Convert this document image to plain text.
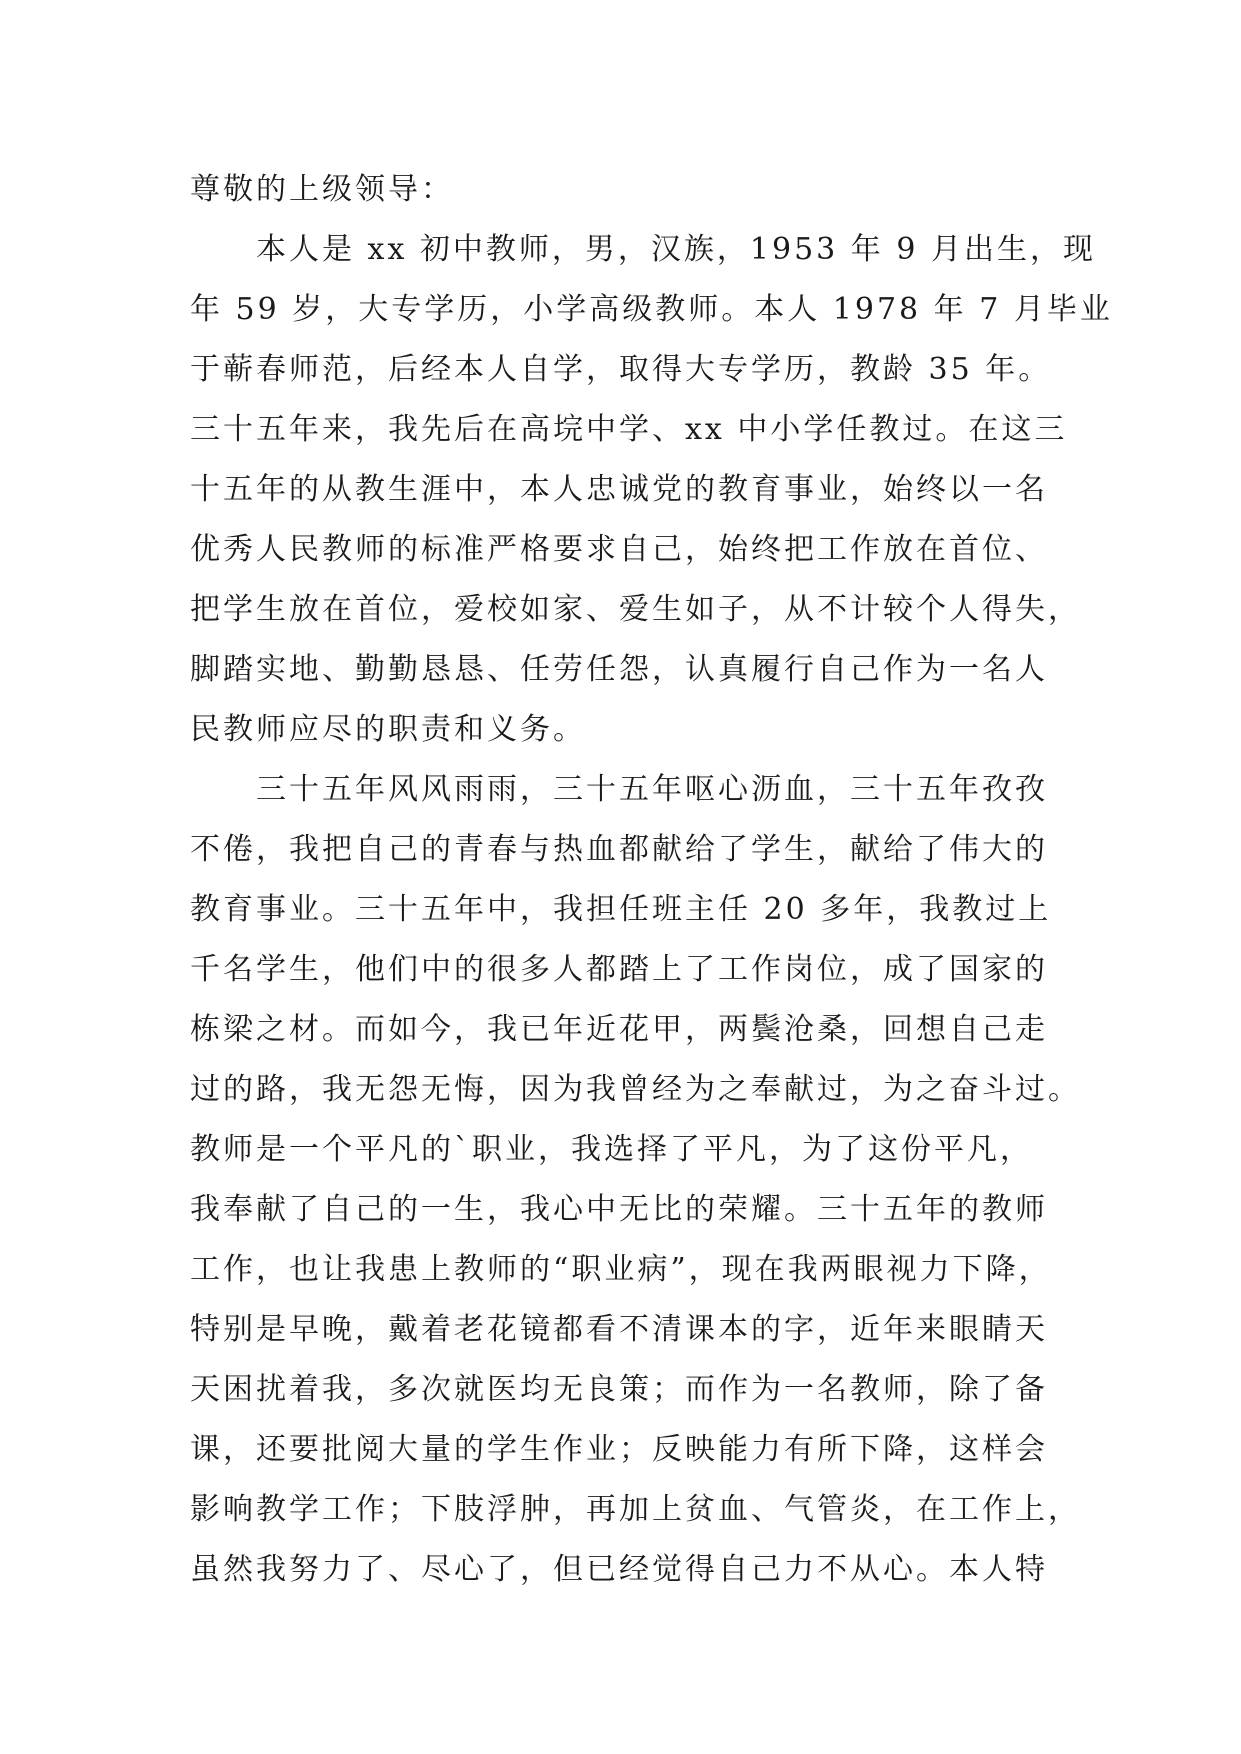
尊敬的上级领导：
本人是 xx 初中教师，男，汉族，1953 年 9 月出生，现
年 59 岁，大专学历，小学高级教师。本人 1978 年 7 月毕业
于蕲春师范，后经本人自学，取得大专学历，教龄 35 年。
三十五年来，我先后在高垸中学、xx 中小学任教过。在这三
十五年的从教生涯中，本人忠诚党的教育事业，始终以一名
优秀人民教师的标准严格要求自己，始终把工作放在首位、
把学生放在首位，爱校如家、爱生如子，从不计较个人得失，
脚踏实地、勤勤恳恳、任劳任怨，认真履行自己作为一名人
民教师应尽的职责和义务。
三十五年风风雨雨，三十五年呕心沥血，三十五年孜孜
不倦，我把自己的青春与热血都献给了学生，献给了伟大的
教育事业。三十五年中，我担任班主任 20 多年，我教过上
千名学生，他们中的很多人都踏上了工作岗位，成了国家的
栋梁之材。而如今，我已年近花甲，两鬓沧桑，回想自己走
过的路，我无怨无悔，因为我曾经为之奉献过，为之奋斗过。
教师是一个平凡的`职业，我选择了平凡，为了这份平凡，
我奉献了自己的一生，我心中无比的荣耀。三十五年的教师
工作，也让我患上教师的“职业病”，现在我两眼视力下降，
特别是早晚，戴着老花镜都看不清课本的字，近年来眼睛天
天困扰着我，多次就医均无良策；而作为一名教师，除了备
课，还要批阅大量的学生作业；反映能力有所下降，这样会
影响教学工作；下肢浮肿，再加上贫血、气管炎，在工作上，
虽然我努力了、尽心了，但已经觉得自己力不从心。本人特
